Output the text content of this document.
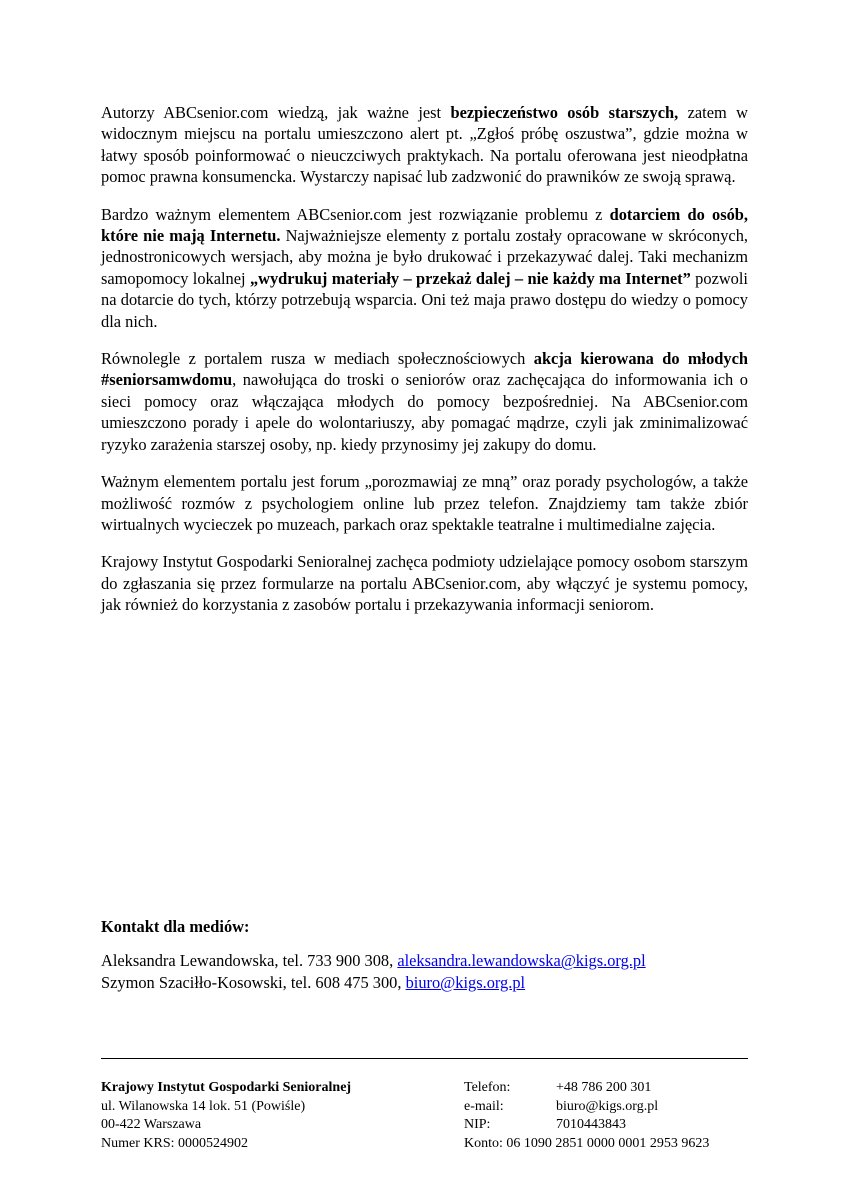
Autorzy ABCsenior.com wiedzą, jak ważne jest bezpieczeństwo osób starszych, zatem w widocznym miejscu na portalu umieszczono alert pt. „Zgłoś próbę oszustwa”, gdzie można w łatwy sposób poinformować o nieuczciwych praktykach. Na portalu oferowana jest nieodpłatna pomoc prawna konsumencka. Wystarczy napisać lub zadzwonić do prawników ze swoją sprawą.

Bardzo ważnym elementem ABCsenior.com jest rozwiązanie problemu z dotarciem do osób, które nie mają Internetu. Najważniejsze elementy z portalu zostały opracowane w skróconych, jednostronicowych wersjach, aby można je było drukować i przekazywać dalej. Taki mechanizm samopomocy lokalnej „wydrukuj materiały – przekaż dalej – nie każdy ma Internet” pozwoli na dotarcie do tych, którzy potrzebują wsparcia. Oni też maja prawo dostępu do wiedzy o pomocy dla nich.

Równolegle z portalem rusza w mediach społecznościowych akcja kierowana do młodych #seniorsamwdomu, nawołująca do troski o seniorów oraz zachęcająca do informowania ich o sieci pomocy oraz włączająca młodych do pomocy bezpośredniej. Na ABCsenior.com umieszczono porady i apele do wolontariuszy, aby pomagać mądrze, czyli jak zminimalizować ryzyko zarażenia starszej osoby, np. kiedy przynosimy jej zakupy do domu.

Ważnym elementem portalu jest forum „porozmawiaj ze mną” oraz porady psychologów, a także możliwość rozmów z psychologiem online lub przez telefon. Znajdziemy tam także zbiór wirtualnych wycieczek po muzeach, parkach oraz spektakle teatralne i multimedialne zajęcia.

Krajowy Instytut Gospodarki Senioralnej zachęca podmioty udzielające pomocy osobom starszym do zgłaszania się przez formularze na portalu ABCsenior.com, aby włączyć je systemu pomocy, jak również do korzystania z zasobów portalu i przekazywania informacji seniorom.

Kontakt dla mediów:

Aleksandra Lewandowska, tel. 733 900 308, aleksandra.lewandowska@kigs.org.pl

Szymon Szaciłło-Kosowski, tel. 608 475 300, biuro@kigs.org.pl

Krajowy Instytut Gospodarki Senioralnej
ul. Wilanowska 14 lok. 51 (Powiśle)
00-422 Warszawa
Numer KRS: 0000524902
Telefon:	+48 786 200 301
e-mail:	biuro@kigs.org.pl
NIP:	7010443843
Konto: 06 1090 2851 0000 0001 2953 9623
